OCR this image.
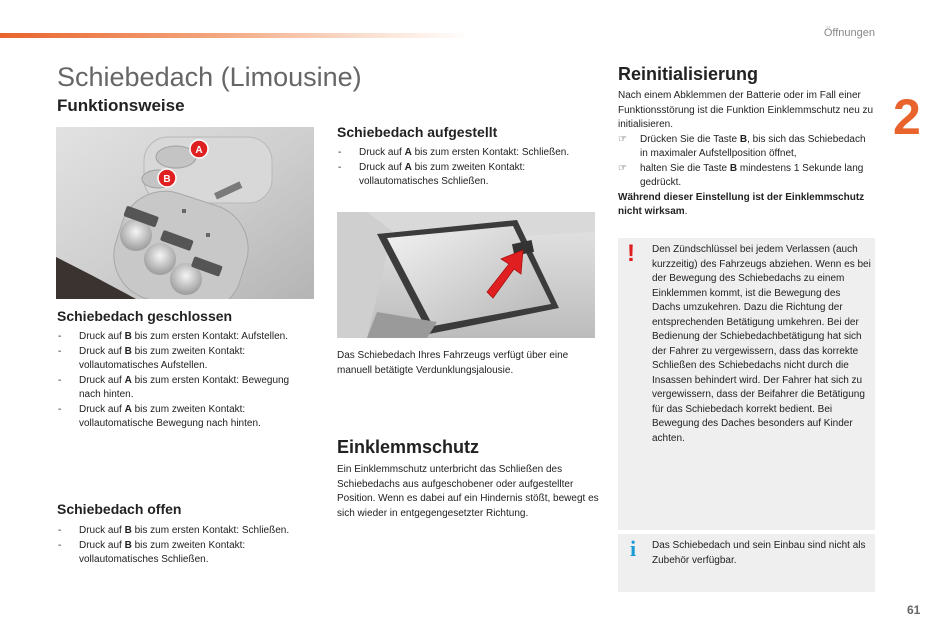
Öffnungen
2
Schiebedach (Limousine)
Funktionsweise
A
B
Schiebedach geschlossen
- Druck auf B bis zum ersten Kontakt: Aufstellen.
- Druck auf B bis zum zweiten Kontakt: vollautomatisches Aufstellen.
- Druck auf A bis zum ersten Kontakt: Bewegung nach hinten.
- Druck auf A bis zum zweiten Kontakt: vollautomatische Bewegung nach hinten.
Schiebedach offen
- Druck auf B bis zum ersten Kontakt: Schließen.
- Druck auf B bis zum zweiten Kontakt: vollautomatisches Schließen.
Schiebedach aufgestellt
- Druck auf A bis zum ersten Kontakt: Schließen.
- Druck auf A bis zum zweiten Kontakt: vollautomatisches Schließen.
Das Schiebedach Ihres Fahrzeugs verfügt über eine manuell betätigte Verdunklungsjalousie.
Einklemmschutz
Ein Einklemmschutz unterbricht das Schließen des Schiebedachs aus aufgeschobener oder aufgestellter Position. Wenn es dabei auf ein Hindernis stößt, bewegt es sich wieder in entgegengesetzter Richtung.
Reinitialisierung
Nach einem Abklemmen der Batterie oder im Fall einer Funktionsstörung ist die Funktion Einklemmschutz neu zu initialisieren.
☞ Drücken Sie die Taste B, bis sich das Schiebedach in maximaler Aufstellposition öffnet,
☞ halten Sie die Taste B mindestens 1 Sekunde lang gedrückt.
Während dieser Einstellung ist der Einklemmschutz nicht wirksam.
! Den Zündschlüssel bei jedem Verlassen (auch kurzzeitig) des Fahrzeugs abziehen. Wenn es bei der Bewegung des Schiebedachs zu einem Einklemmen kommt, ist die Bewegung des Dachs umzukehren. Dazu die Richtung der entsprechenden Betätigung umkehren. Bei der Bedienung der Schiebedachbetätigung hat sich der Fahrer zu vergewissern, dass das korrekte Schließen des Schiebedachs nicht durch die Insassen behindert wird. Der Fahrer hat sich zu vergewissern, dass der Beifahrer die Betätigung für das Schiebedach korrekt bedient. Bei Bewegung des Daches besonders auf Kinder achten.
i Das Schiebedach und sein Einbau sind nicht als Zubehör verfügbar.
61
